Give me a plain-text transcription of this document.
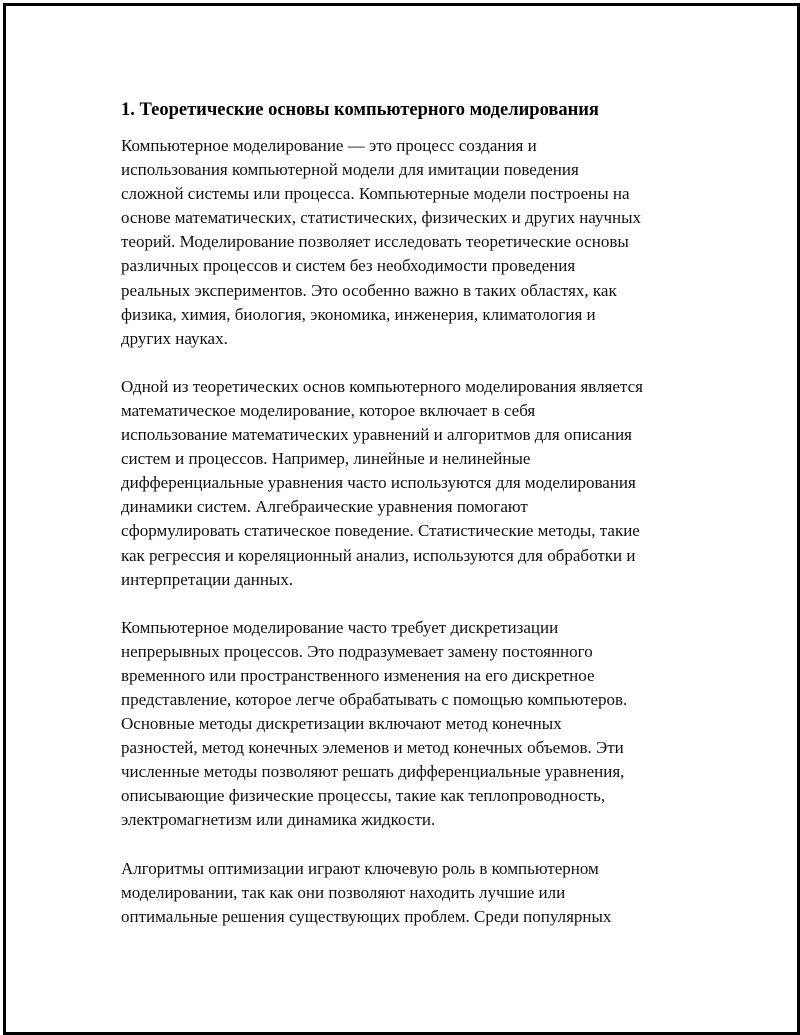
1. Теоретические основы компьютерного моделирования

Компьютерное моделирование — это процесс создания и
использования компьютерной модели для имитации поведения
сложной системы или процесса. Компьютерные модели построены на
основе математических, статистических, физических и других научных
теорий. Моделирование позволяет исследовать теоретические основы
различных процессов и систем без необходимости проведения
реальных экспериментов. Это особенно важно в таких областях, как
физика, химия, биология, экономика, инженерия, климатология и
других науках.

Одной из теоретических основ компьютерного моделирования является
математическое моделирование, которое включает в себя
использование математических уравнений и алгоритмов для описания
систем и процессов. Например, линейные и нелинейные
дифференциальные уравнения часто используются для моделирования
динамики систем. Алгебраические уравнения помогают
сформулировать статическое поведение. Статистические методы, такие
как регрессия и кореляционный анализ, используются для обработки и
интерпретации данных.

Компьютерное моделирование часто требует дискретизации
непрерывных процессов. Это подразумевает замену постоянного
временного или пространственного изменения на его дискретное
представление, которое легче обрабатывать с помощью компьютеров.
Основные методы дискретизации включают метод конечных
разностей, метод конечных элеменов и метод конечных объемов. Эти
численные методы позволяют решать дифференциальные уравнения,
описывающие физические процессы, такие как теплопроводность,
электромагнетизм или динамика жидкости.

Алгоритмы оптимизации играют ключевую роль в компьютерном
моделировании, так как они позволяют находить лучшие или
оптимальные решения существующих проблем. Среди популярных
